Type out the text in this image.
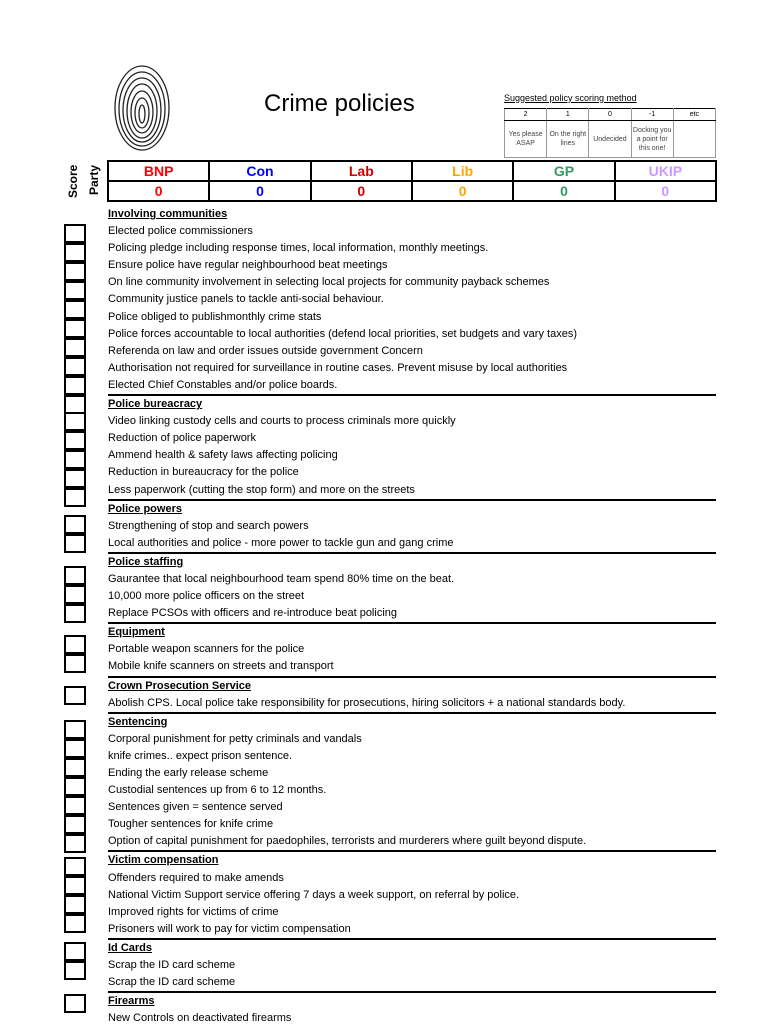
Crime policies	Suggested policy scoring method
2	1	0	-1	etc
Yes please ASAP	On the right lines	Undecided	Docking you a point for this one!	
Score Party	BNP	Con	Lab	Lib	GP	UKIP
0	0	0	0	0	0
Involving communities
Elected police commissioners
Policing pledge including response times, local information, monthly meetings.
Ensure police have regular neighbourhood beat meetings
On line community involvement in selecting local projects for community payback schemes
Community justice panels to tackle anti-social behaviour.
Police obliged to publishmonthly crime stats
Police forces accountable to local authorities (defend local priorities, set budgets and vary taxes)
Referenda on law and order issues outside government Concern
Authorisation not required for surveillance in routine cases. Prevent misuse by local authorities
Elected Chief Constables and/or police boards.
Police bureacracy
Video linking custody cells and courts to process criminals more quickly
Reduction of police paperwork
Ammend health & safety laws affecting policing
Reduction in bureaucracy for the police
Less paperwork (cutting the stop form) and more on the streets
Police powers
Strengthening of stop and search powers
Local authorities and police - more power to tackle gun and gang crime
Police staffing
Gaurantee that local neighbourhood team spend 80% time on the beat.
10,000 more police officers on the street
Replace PCSOs with officers and re-introduce beat policing
Equipment
Portable weapon scanners for the police
Mobile knife scanners on streets and transport
Crown Prosecution Service
Abolish CPS. Local police take responsibility for prosecutions, hiring solicitors + a national standards body.
Sentencing
Corporal punishment for petty criminals and vandals
knife crimes.. expect prison sentence.
Ending the early release scheme
Custodial sentences up from 6 to 12 months.
Sentences given = sentence served
Tougher sentences for knife crime
Option of capital punishment for paedophiles, terrorists and murderers where guilt beyond dispute.
Victim compensation
Offenders required to make amends
National Victim Support service offering 7 days a week support, on referral by police.
Improved rights for victims of crime
Prisoners will work to pay for victim compensation
Id Cards
Scrap the ID card scheme
Scrap the ID card scheme
Firearms
New Controls on deactivated firearms
